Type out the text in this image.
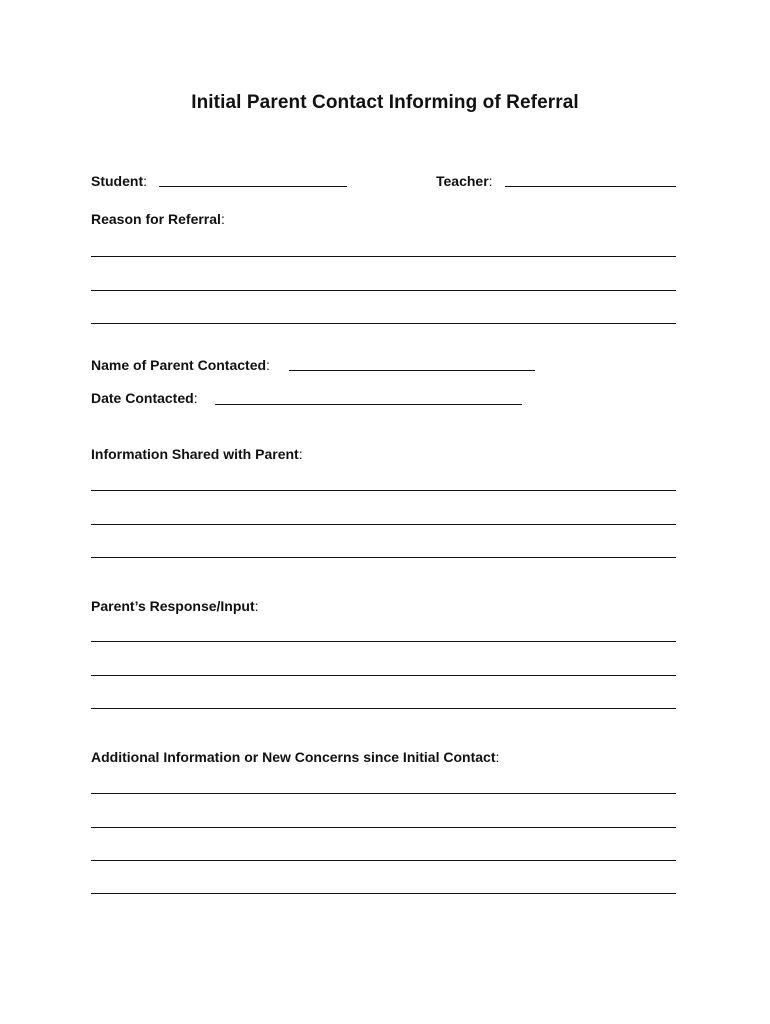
Initial Parent Contact Informing of Referral
Student:	Teacher:
Reason for Referral:
Name of Parent Contacted:
Date Contacted:
Information Shared with Parent:
Parent’s Response/Input:
Additional Information or New Concerns since Initial Contact:
